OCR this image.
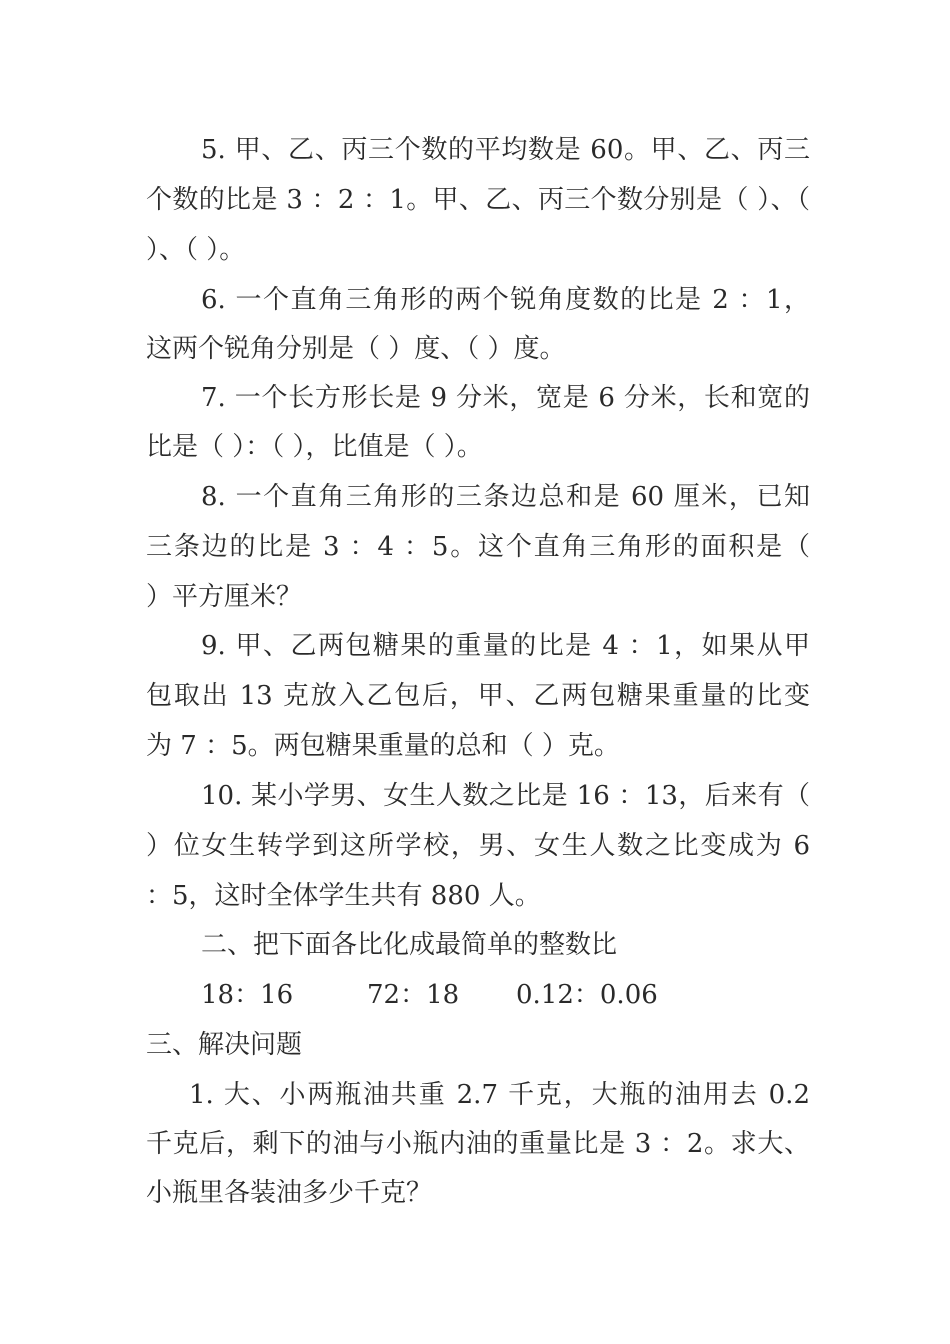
5. 甲、乙、丙三个数的平均数是 60。甲、乙、丙三
个数的比是 3 ：2 ：1。甲、乙、丙三个数分别是（ ）、（
）、（ ）。
6. 一个直角三角形的两个锐角度数的比是 2 ：1，
这两个锐角分别是（ ）度、（ ）度。
7. 一个长方形长是 9 分米，宽是 6 分米，长和宽的
比是（ ）：（ ），比值是（ ）。
8. 一个直角三角形的三条边总和是 60 厘米，已知
三条边的比是 3 ：4 ：5。这个直角三角形的面积是（
）平方厘米？
9. 甲、乙两包糖果的重量的比是 4 ：1，如果从甲
包取出 13 克放入乙包后，甲、乙两包糖果重量的比变
为 7 ：5。两包糖果重量的总和（ ）克。
10. 某小学男、女生人数之比是 16 ：13，后来有（
）位女生转学到这所学校，男、女生人数之比变成为 6
：5，这时全体学生共有 880 人。
二、把下面各比化成最简单的整数比
18：16	72：18 0.12：0.06
三、解决问题
1. 大、小两瓶油共重 2.7 千克，大瓶的油用去 0.2
千克后，剩下的油与小瓶内油的重量比是 3 ：2。求大、
小瓶里各装油多少千克？
